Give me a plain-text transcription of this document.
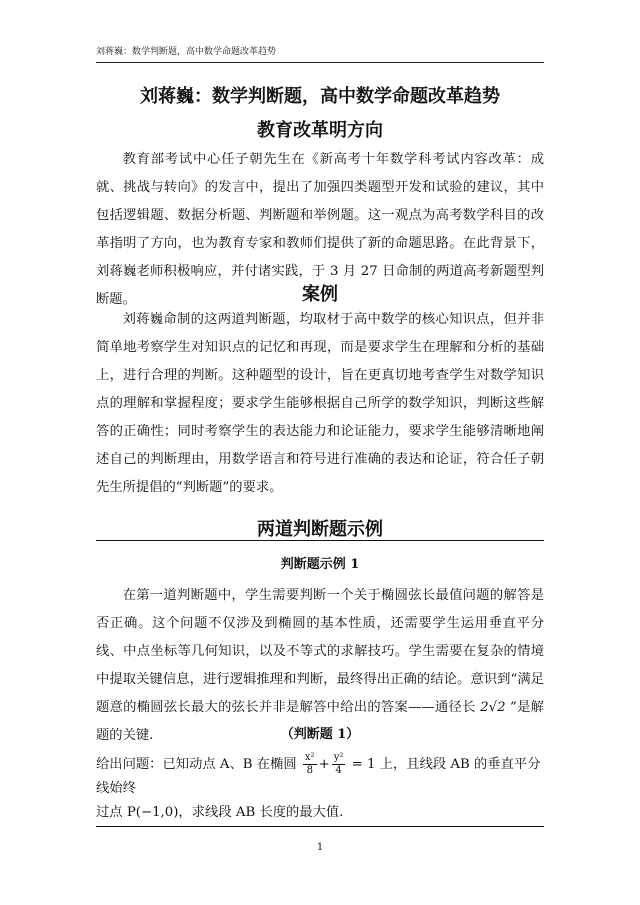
刘蒋巍：数学判断题，高中数学命题改革趋势
刘蒋巍：数学判断题，高中数学命题改革趋势
教育改革明方向

教育部考试中心任子朝先生在《新高考十年数学科考试内容改革：成就、挑战与转向》的发言中，提出了加强四类题型开发和试验的建议，其中包括逻辑题、数据分析题、判断题和举例题。这一观点为高考数学科目的改革指明了方向，也为教育专家和教师们提供了新的命题思路。在此背景下，刘蒋巍老师积极响应，并付诸实践，于 3 月 27 日命制的两道高考新题型判断题。	案例

刘蒋巍命制的这两道判断题，均取材于高中数学的核心知识点，但并非简单地考察学生对知识点的记忆和再现，而是要求学生在理解和分析的基础上，进行合理的判断。这种题型的设计，旨在更真切地考查学生对数学知识点的理解和掌握程度；要求学生能够根据自己所学的数学知识，判断这些解答的正确性；同时考察学生的表达能力和论证能力，要求学生能够清晰地阐述自己的判断理由，用数学语言和符号进行准确的表达和论证，符合任子朝先生所提倡的“判断题”的要求。

两道判断题示例
判断题示例 1

在第一道判断题中，学生需要判断一个关于椭圆弦长最值问题的解答是否正确。这个问题不仅涉及到椭圆的基本性质，还需要学生运用垂直平分线、中点坐标等几何知识，以及不等式的求解技巧。学生需要在复杂的情境中提取关键信息，进行逻辑推理和判断，最终得出正确的结论。意识到“满足题意的椭圆弦长最大的弦长并非是解答中给出的答案——通径长 2√2 ”是解题的关键.	（判断题 1）
给出问题：已知动点 A、B 在椭圆 $\frac{\text{x²}}{8} + \frac{\text{y²}}{4} = 1$ 上，且线段 AB 的垂直平分线始终
过点 P(−1,0)，求线段 AB 长度的最大值.
1
